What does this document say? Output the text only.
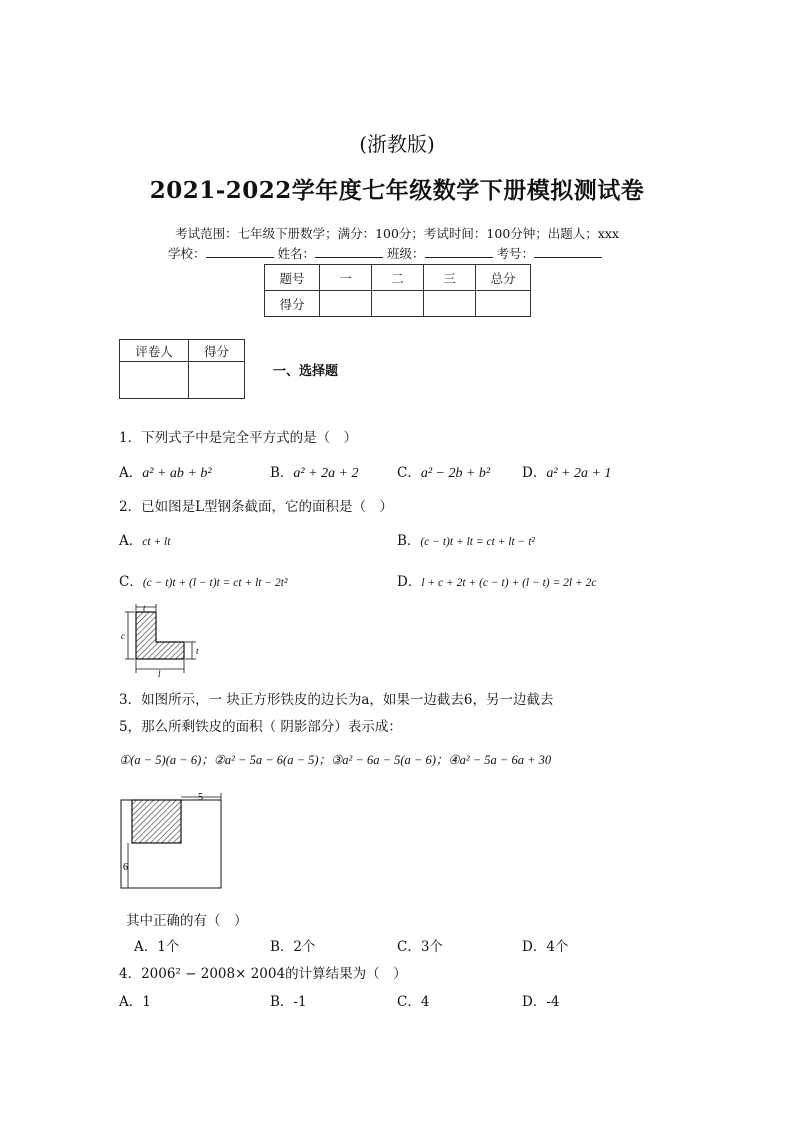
(浙教版)
2021-2022学年度七年级数学下册模拟测试卷
考试范围：七年级下册数学；满分：100分；考试时间：100分钟；出题人；xxx
学校：	姓名：	班级：	考号：
题号	一	二	三	总分
得分				
评卷人	得分

一、选择题
1．下列式子中是完全平方式的是（　）
A．a² + ab + b²	B．a² + 2a + 2	C．a² − 2b + b² D．a² + 2a + 1
2．已如图是L型钢条截面，它的面积是（　）
A．ct + lt	B．(c − t)t + lt = ct + lt − t²
C．(c − t)t + (l − t)t = ct + lt − 2t²	D．l + c + 2t + (c − t) + (l − t) = 2l + 2c
t
c
t
l
3．如图所示，一 块正方形铁皮的边长为a，如果一边截去6，另一边截去
5，那么所剩铁皮的面积（ 阴影部分）表示成：
①(a − 5)(a − 6)；②a² − 5a − 6(a − 5)；③a² − 6a − 5(a − 6)；④a² − 5a − 6a + 30
5
6
其中正确的有（　）
A．1个	B．2个	C．3个	D．4个
4．2006² − 2008× 2004的计算结果为（　）
A．1	B．-1	C．4	D．-4
